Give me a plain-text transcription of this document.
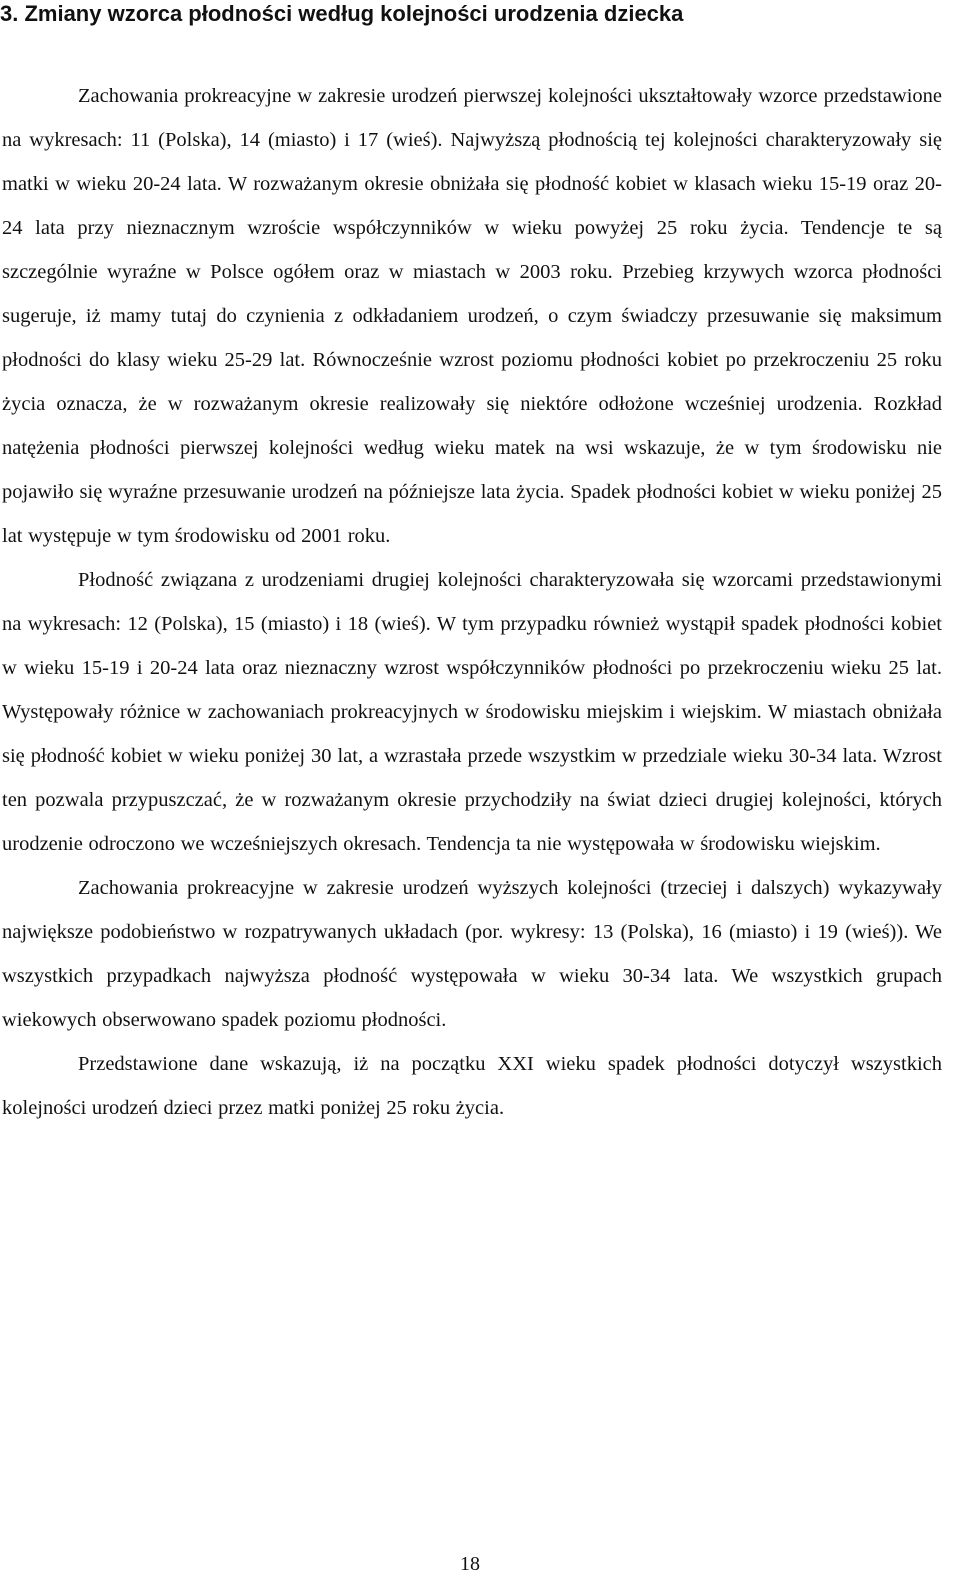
3. Zmiany wzorca płodności według kolejności urodzenia dziecka

Zachowania prokreacyjne w zakresie urodzeń pierwszej kolejności ukształtowały wzorce przedstawione na wykresach: 11 (Polska), 14 (miasto) i 17 (wieś). Najwyższą płodnością tej kolejności charakteryzowały się matki w wieku 20-24 lata. W rozważanym okresie obniżała się płodność kobiet w klasach wieku 15-19 oraz 20-24 lata przy nieznacznym wzroście współczynników w wieku powyżej 25 roku życia. Tendencje te są szczególnie wyraźne w Polsce ogółem oraz w miastach w 2003 roku. Przebieg krzywych wzorca płodności sugeruje, iż mamy tutaj do czynienia z odkładaniem urodzeń, o czym świadczy przesuwanie się maksimum płodności do klasy wieku 25-29 lat. Równocześnie wzrost poziomu płodności kobiet po przekroczeniu 25 roku życia oznacza, że w rozważanym okresie realizowały się niektóre odłożone wcześniej urodzenia. Rozkład natężenia płodności pierwszej kolejności według wieku matek na wsi wskazuje, że w tym środowisku nie pojawiło się wyraźne przesuwanie urodzeń na późniejsze lata życia. Spadek płodności kobiet w wieku poniżej 25 lat występuje w tym środowisku od 2001 roku.

Płodność związana z urodzeniami drugiej kolejności charakteryzowała się wzorcami przedstawionymi na wykresach: 12 (Polska), 15 (miasto) i 18 (wieś). W tym przypadku również wystąpił spadek płodności kobiet w wieku 15-19 i 20-24 lata oraz nieznaczny wzrost współczynników płodności po przekroczeniu wieku 25 lat. Występowały różnice w zachowaniach prokreacyjnych w środowisku miejskim i wiejskim. W miastach obniżała się płodność kobiet w wieku poniżej 30 lat, a wzrastała przede wszystkim w przedziale wieku 30-34 lata. Wzrost ten pozwala przypuszczać, że w rozważanym okresie przychodziły na świat dzieci drugiej kolejności, których urodzenie odroczono we wcześniejszych okresach. Tendencja ta nie występowała w środowisku wiejskim.

Zachowania prokreacyjne w zakresie urodzeń wyższych kolejności (trzeciej i dalszych) wykazywały największe podobieństwo w rozpatrywanych układach (por. wykresy: 13 (Polska), 16 (miasto) i 19 (wieś)). We wszystkich przypadkach najwyższa płodność występowała w wieku 30-34 lata. We wszystkich grupach wiekowych obserwowano spadek poziomu płodności.

Przedstawione dane wskazują, iż na początku XXI wieku spadek płodności dotyczył wszystkich kolejności urodzeń dzieci przez matki poniżej 25 roku życia.

18
